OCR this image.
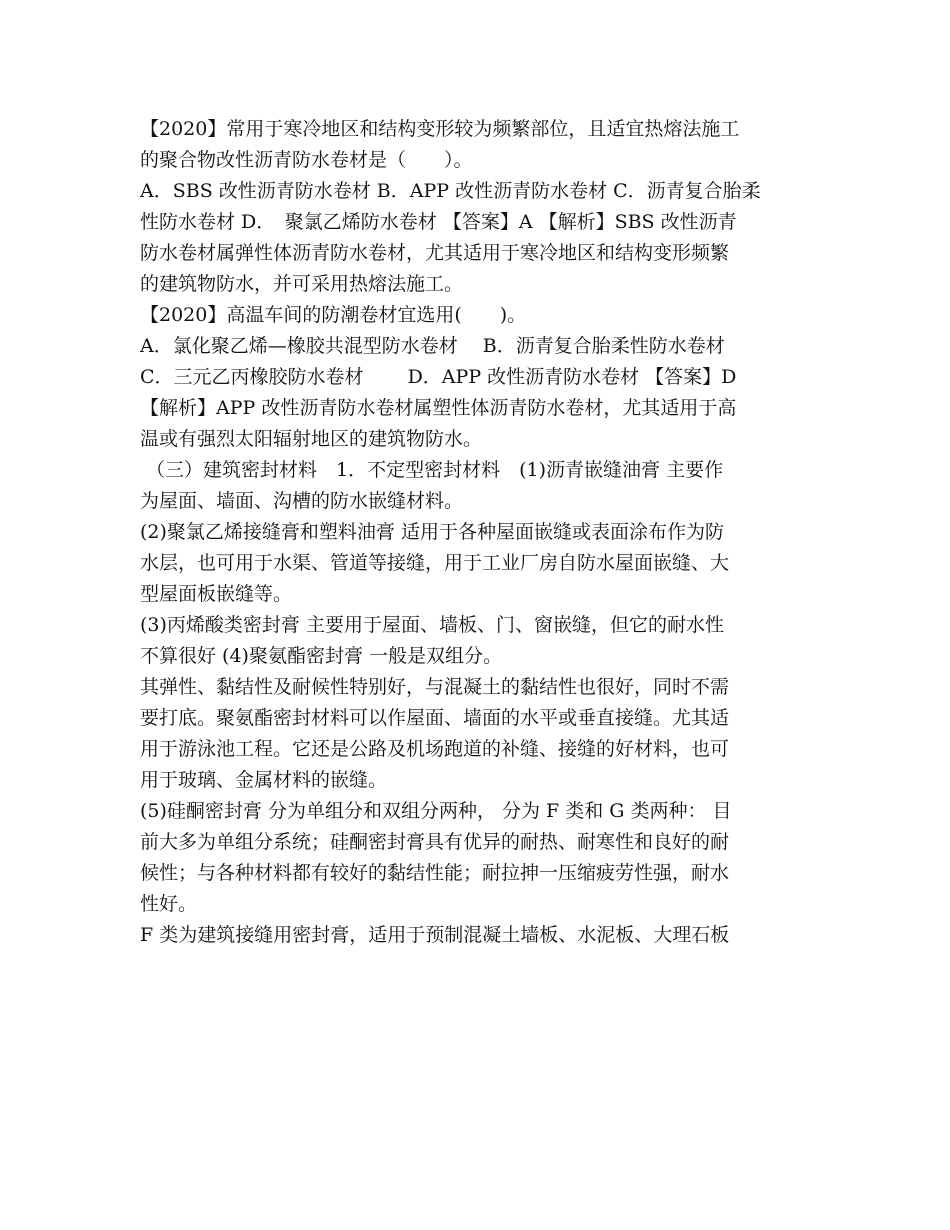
【2020】常用于寒冷地区和结构变形较为频繁部位，且适宜热熔法施工
的聚合物改性沥青防水卷材是（　　）。
A．SBS 改性沥青防水卷材 B．APP 改性沥青防水卷材 C．沥青复合胎柔
性防水卷材 D．　聚氯乙烯防水卷材 【答案】A 【解析】SBS 改性沥青
防水卷材属弹性体沥青防水卷材，尤其适用于寒冷地区和结构变形频繁
的建筑物防水，并可采用热熔法施工。
【2020】高温车间的防潮卷材宜选用(　　)。
A．氯化聚乙烯—橡胶共混型防水卷材　 B．沥青复合胎柔性防水卷材
C．三元乙丙橡胶防水卷材　　 D．APP 改性沥青防水卷材 【答案】D
【解析】APP 改性沥青防水卷材属塑性体沥青防水卷材，尤其适用于高
温或有强烈太阳辐射地区的建筑物防水。
（三）建筑密封材料　1．不定型密封材料　(1)沥青嵌缝油膏 主要作
为屋面、墙面、沟槽的防水嵌缝材料。
(2)聚氯乙烯接缝膏和塑料油膏 适用于各种屋面嵌缝或表面涂布作为防
水层，也可用于水渠、管道等接缝，用于工业厂房自防水屋面嵌缝、大
型屋面板嵌缝等。
(3)丙烯酸类密封膏 主要用于屋面、墙板、门、窗嵌缝，但它的耐水性
不算很好 (4)聚氨酯密封膏 一般是双组分。
其弹性、黏结性及耐候性特别好，与混凝土的黏结性也很好，同时不需
要打底。聚氨酯密封材料可以作屋面、墙面的水平或垂直接缝。尤其适
用于游泳池工程。它还是公路及机场跑道的补缝、接缝的好材料，也可
用于玻璃、金属材料的嵌缝。
(5)硅酮密封膏 分为单组分和双组分两种， 分为 F 类和 G 类两种： 目
前大多为单组分系统；硅酮密封膏具有优异的耐热、耐寒性和良好的耐
候性；与各种材料都有较好的黏结性能；耐拉抻一压缩疲劳性强，耐水
性好。
F 类为建筑接缝用密封膏，适用于预制混凝土墙板、水泥板、大理石板
